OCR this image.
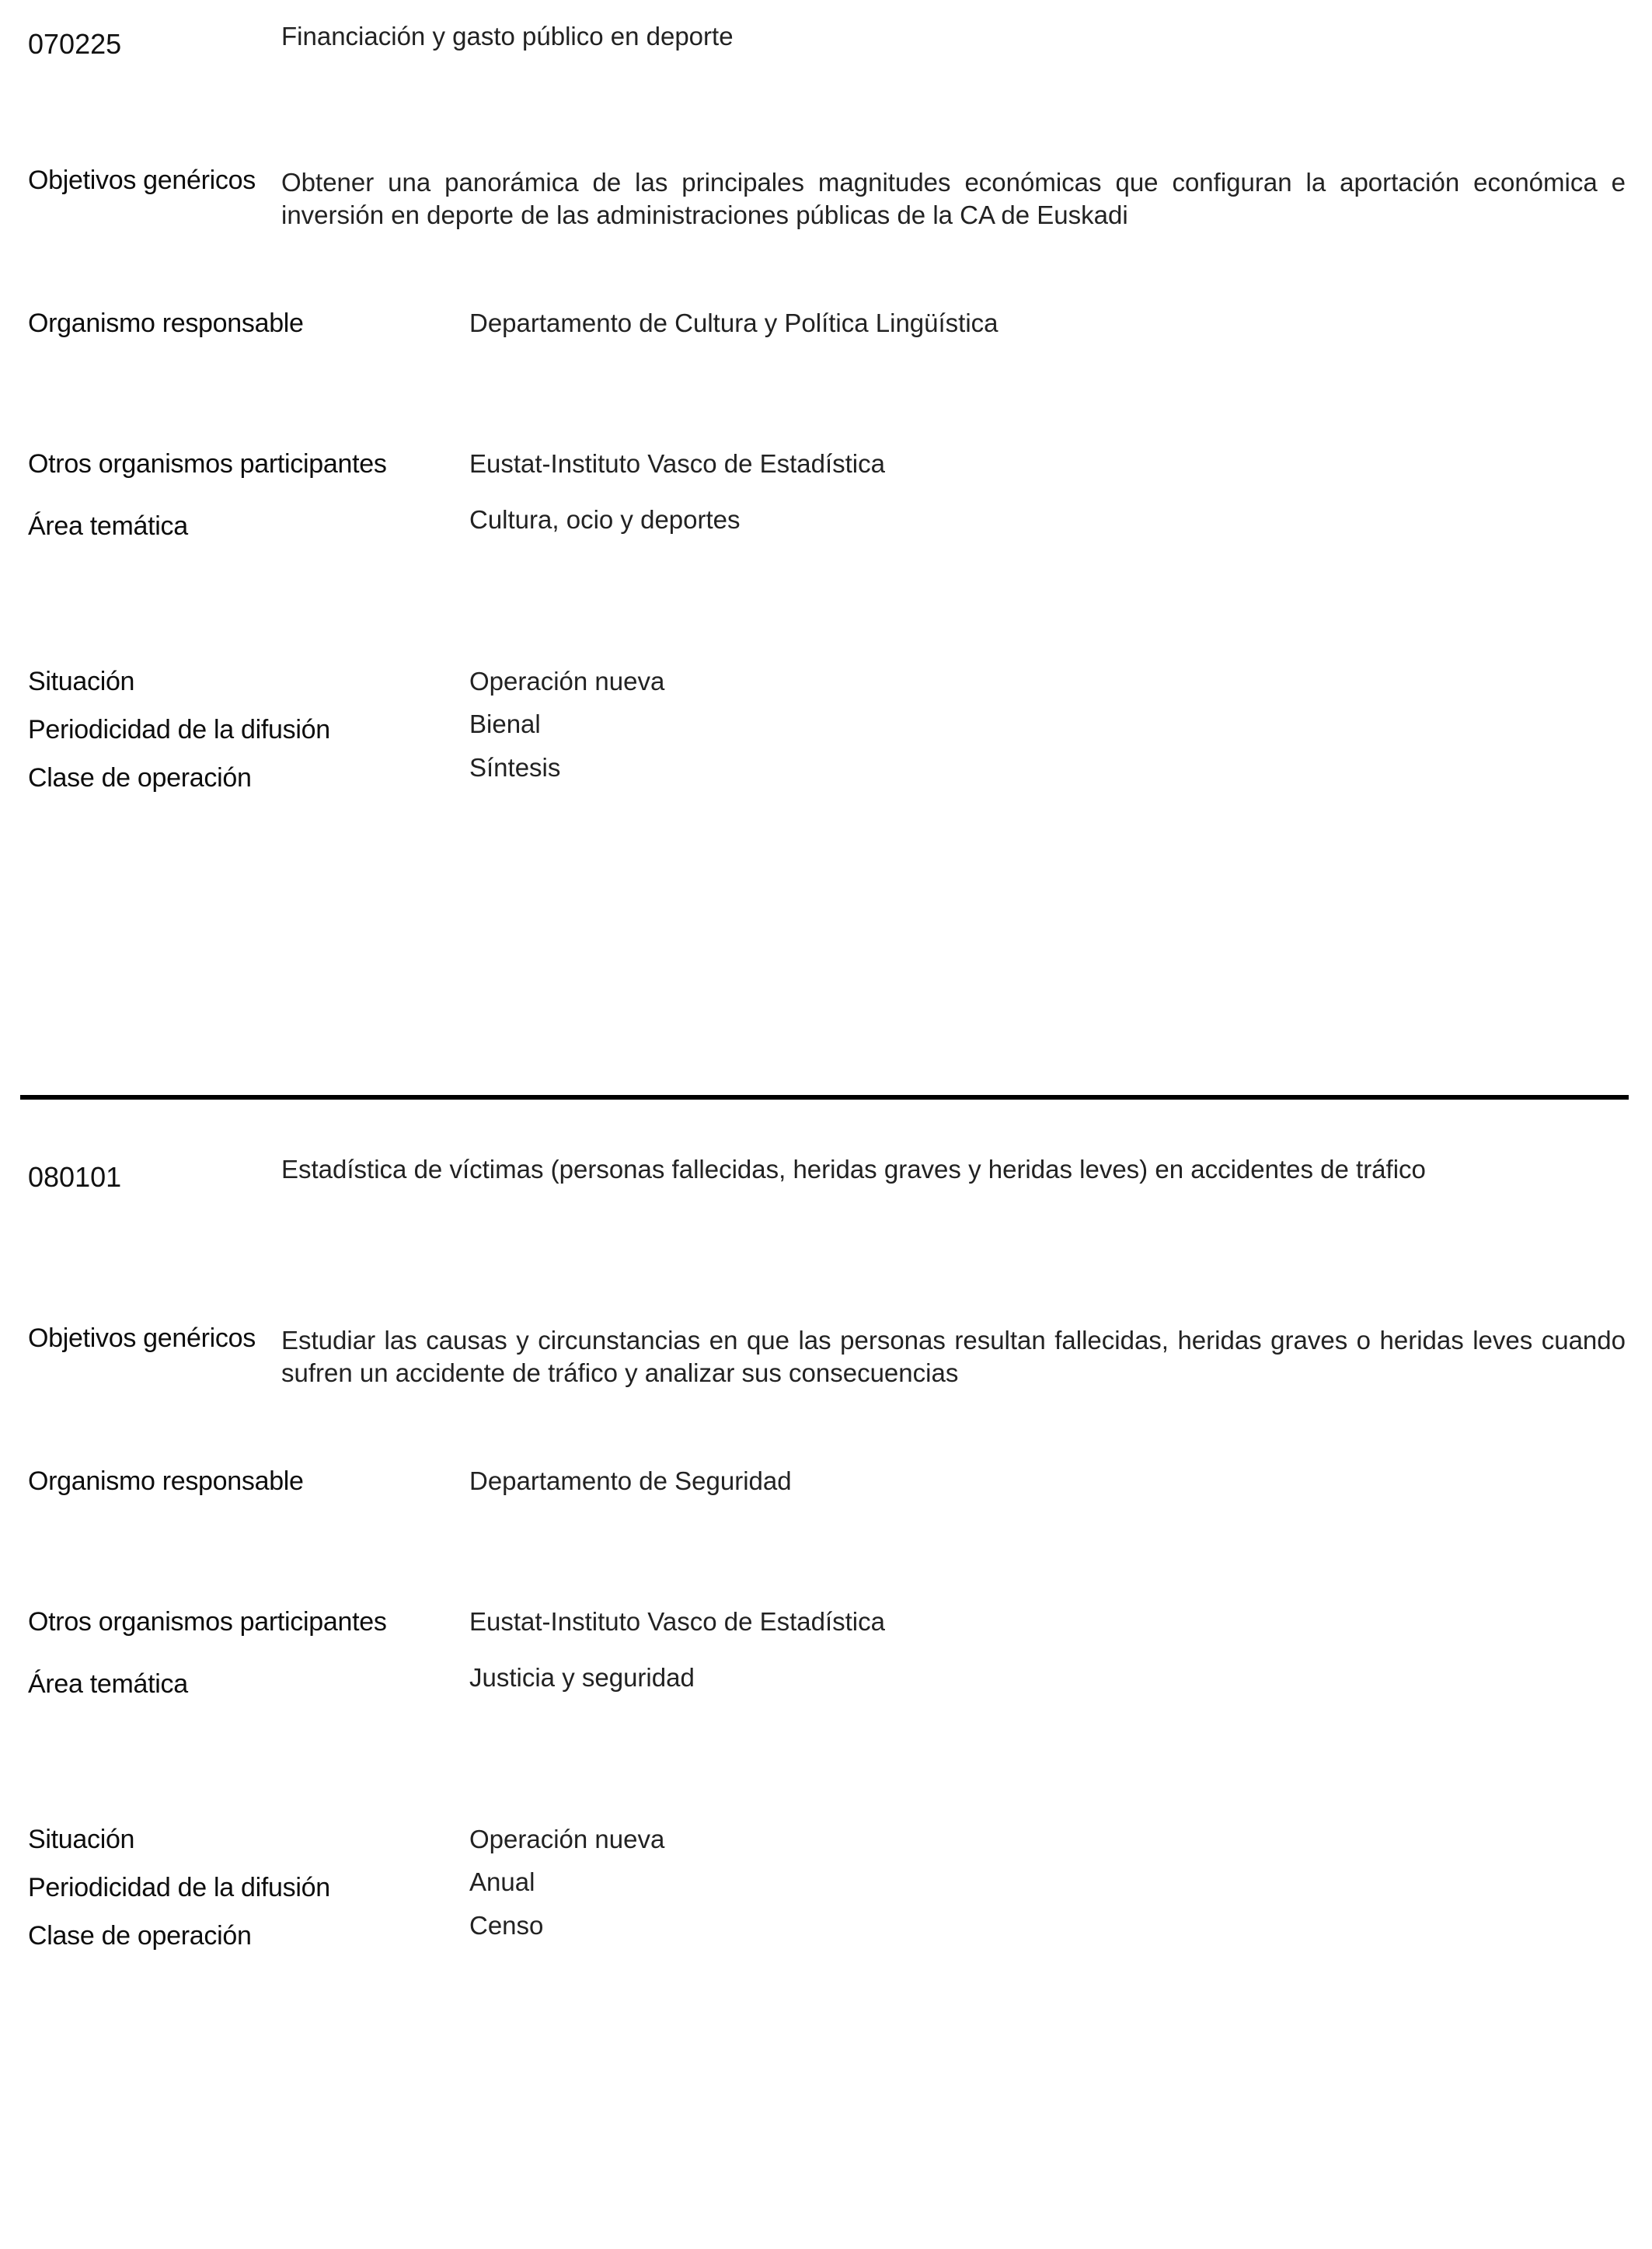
070225	Financiación y gasto público en deporte
Objetivos genéricos Obtener una panorámica de las principales magnitudes económicas que configuran la aportación económica e inversión en deporte de las administraciones públicas de la CA de Euskadi
Organismo responsable	Departamento de Cultura y Política Lingüística
Otros organismos participantes	Eustat-Instituto Vasco de Estadística
Área temática	Cultura, ocio y deportes
Situación	Operación nueva
Periodicidad de la difusión	Bienal
Clase de operación	Síntesis
080101	Estadística de víctimas (personas fallecidas, heridas graves y heridas leves) en accidentes de tráfico
Objetivos genéricos Estudiar las causas y circunstancias en que las personas resultan fallecidas, heridas graves o heridas leves cuando sufren un accidente de tráfico y analizar sus consecuencias
Organismo responsable	Departamento de Seguridad
Otros organismos participantes	Eustat-Instituto Vasco de Estadística
Área temática	Justicia y seguridad
Situación	Operación nueva
Periodicidad de la difusión	Anual
Clase de operación	Censo
